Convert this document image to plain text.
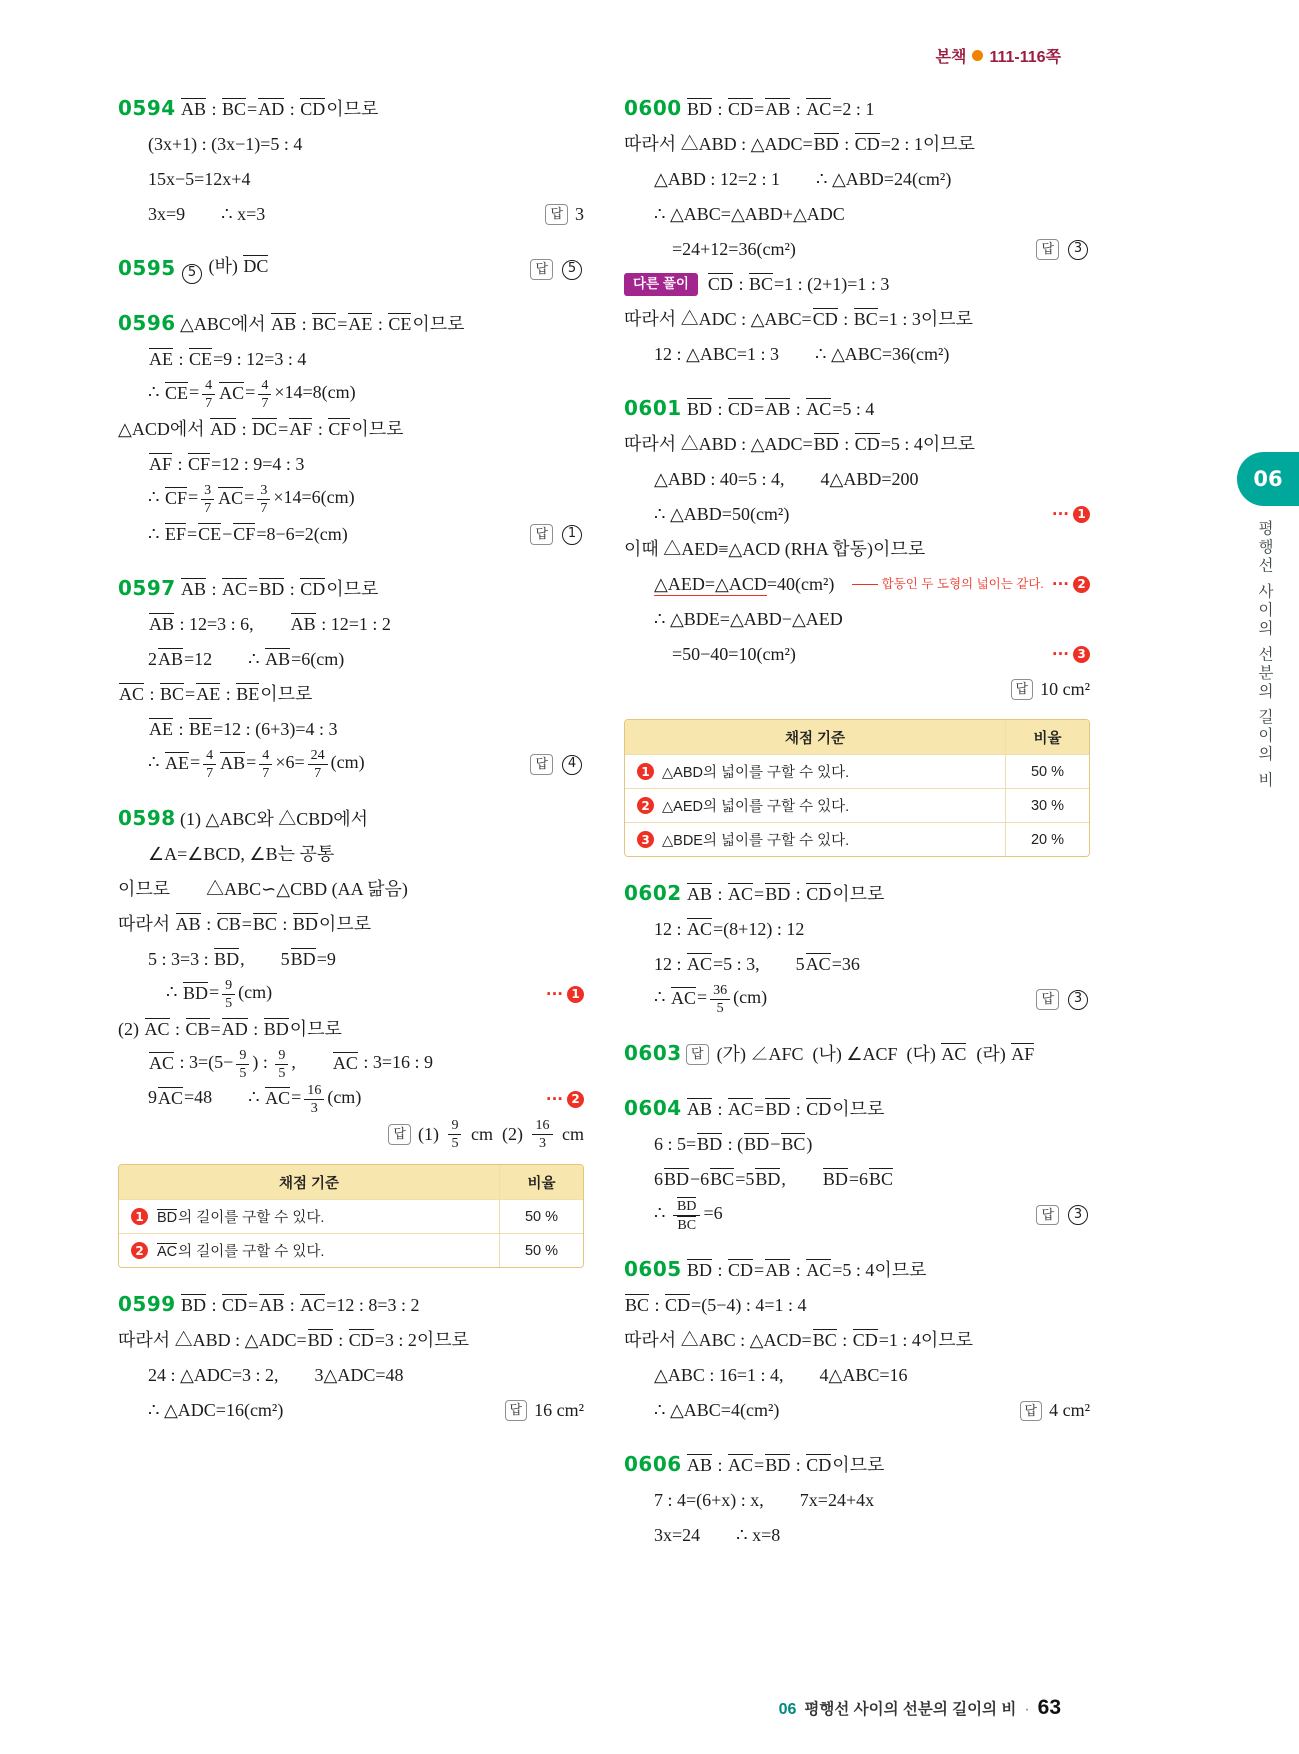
본책 111-116쪽
0594 AB : BC=AD : CD이므로
(3x+1) : (3x−1)=5 : 4
15x−5=12x+4
3x=9  ∴ x=3	답 3
0595 5 (바) DC	답	5
0596 △ABC에서 AB : BC=AE : CE이므로
AE : CE=9 : 12=3 : 4
∴ $CE= \frac{4}{7} AC= \frac{4}{7} \times 14=8(cm)$
△ACD에서 AD : DC=AF : CF이므로
AF : CF=12 : 9=4 : 3
∴ $CF= \frac{3}{7} AC= \frac{3}{7} \times 14=6(cm)$
∴ EF=CE−CF=8−6=2(cm)	답	1
0597 AB : AC=BD : CD이므로
AB : 12=3 : 6,  AB : 12=1 : 2
2AB=12  ∴ AB=6(cm)
AC : BC=AE : BE이므로
AE : BE=12 : (6+3)=4 : 3
∴ $AE= \frac{4}{7} AB= \frac{4}{7} \times 6= \frac{24}{7} (cm)$	답	4
0598 (1) △ABC와 △CBD에서
∠A=∠BCD, ∠B는 공통
이므로  △ABC∽△CBD (AA 닮음)
따라서 AB : CB=BC : BD이므로
5 : 3=3 : BD,  5BD=9
∴ $BD= \frac{9}{5} (cm)$	··· 1
(2) AC : CB=AD : BD이므로
AC : $3=(5- \frac{9}{5}$ ) : $\frac{9}{5}$ ,  AC : 3=16 : 9
9AC=48  ∴ $AC= \frac{16}{3} (cm)$	··· 2
답 $(1) \frac{9}{5}$ cm $(2) \frac{16}{3}$ cm
채점 기준	비율
1 BD의 길이를 구할 수 있다.	50 %
2 AC의 길이를 구할 수 있다.	50 %
0599 BD : CD=AB : AC=12 : 8=3 : 2
따라서 △ABD : △ADC=BD : CD=3 : 2이므로
24 : △ADC=3 : 2,  3△ADC=48
∴ △ADC=16(cm²)	답 16 cm²
0600 BD : CD=AB : AC=2 : 1
따라서 △ABD : △ADC=BD : CD=2 : 1이므로
△ABD : 12=2 : 1  ∴ △ABD=24(cm²)
∴ △ABC=△ABD+△ADC
=24+12=36(cm²)	답	3
다른 풀이	CD : BC=1 : (2+1)=1 : 3
따라서 △ADC : △ABC=CD : BC=1 : 3이므로
12 : △ABC=1 : 3  ∴ △ABC=36(cm²)
0601 BD : CD=AB : AC=5 : 4
따라서 △ABD : △ADC=BD : CD=5 : 4이므로
△ABD : 40=5 : 4,  4△ABD=200
∴ △ABD=50(cm²)	··· 1
이때 △AED≡△ACD (RHA 합동)이므로
△AED=△ACD=40(cm²)	합동인 두 도형의 넓이는 같다. ··· 2
∴ △BDE=△ABD−△AED
=50−40=10(cm²)	··· 3
답 10 cm²
채점 기준	비율
1 △ABD의 넓이를 구할 수 있다.	50 %
2 △AED의 넓이를 구할 수 있다.	30 %
3 △BDE의 넓이를 구할 수 있다.	20 %
0602 AB : AC=BD : CD이므로
12 : AC=(8+12) : 12
12 : AC=5 : 3,  5AC=36
∴ $AC= \frac{36}{5} (cm)$	답	3
0603 답 (가) ∠AFC (나) ∠ACF (다) AC (라) AF
0604 AB : AC=BD : CD이므로
6 : 5=BD : (BD−BC)
6BD−6BC=5BD,  BD=6BC
∴ $\frac{BD}{BC} =6$	답	3
0605 BD : CD=AB : AC=5 : 4이므로
BC : CD=(5−4) : 4=1 : 4
따라서 △ABC : △ACD=BC : CD=1 : 4이므로
△ABC : 16=1 : 4,  4△ABC=16
∴ △ABC=4(cm²)	답 4 cm²
0606 AB : AC=BD : CD이므로
7 : 4=(6+x) : x,  7x=24+4x
3x=24  ∴ x=8
06
평행선 사이의 선분의 길이의 비
06 평행선 사이의 선분의 길이의 비 · 63
